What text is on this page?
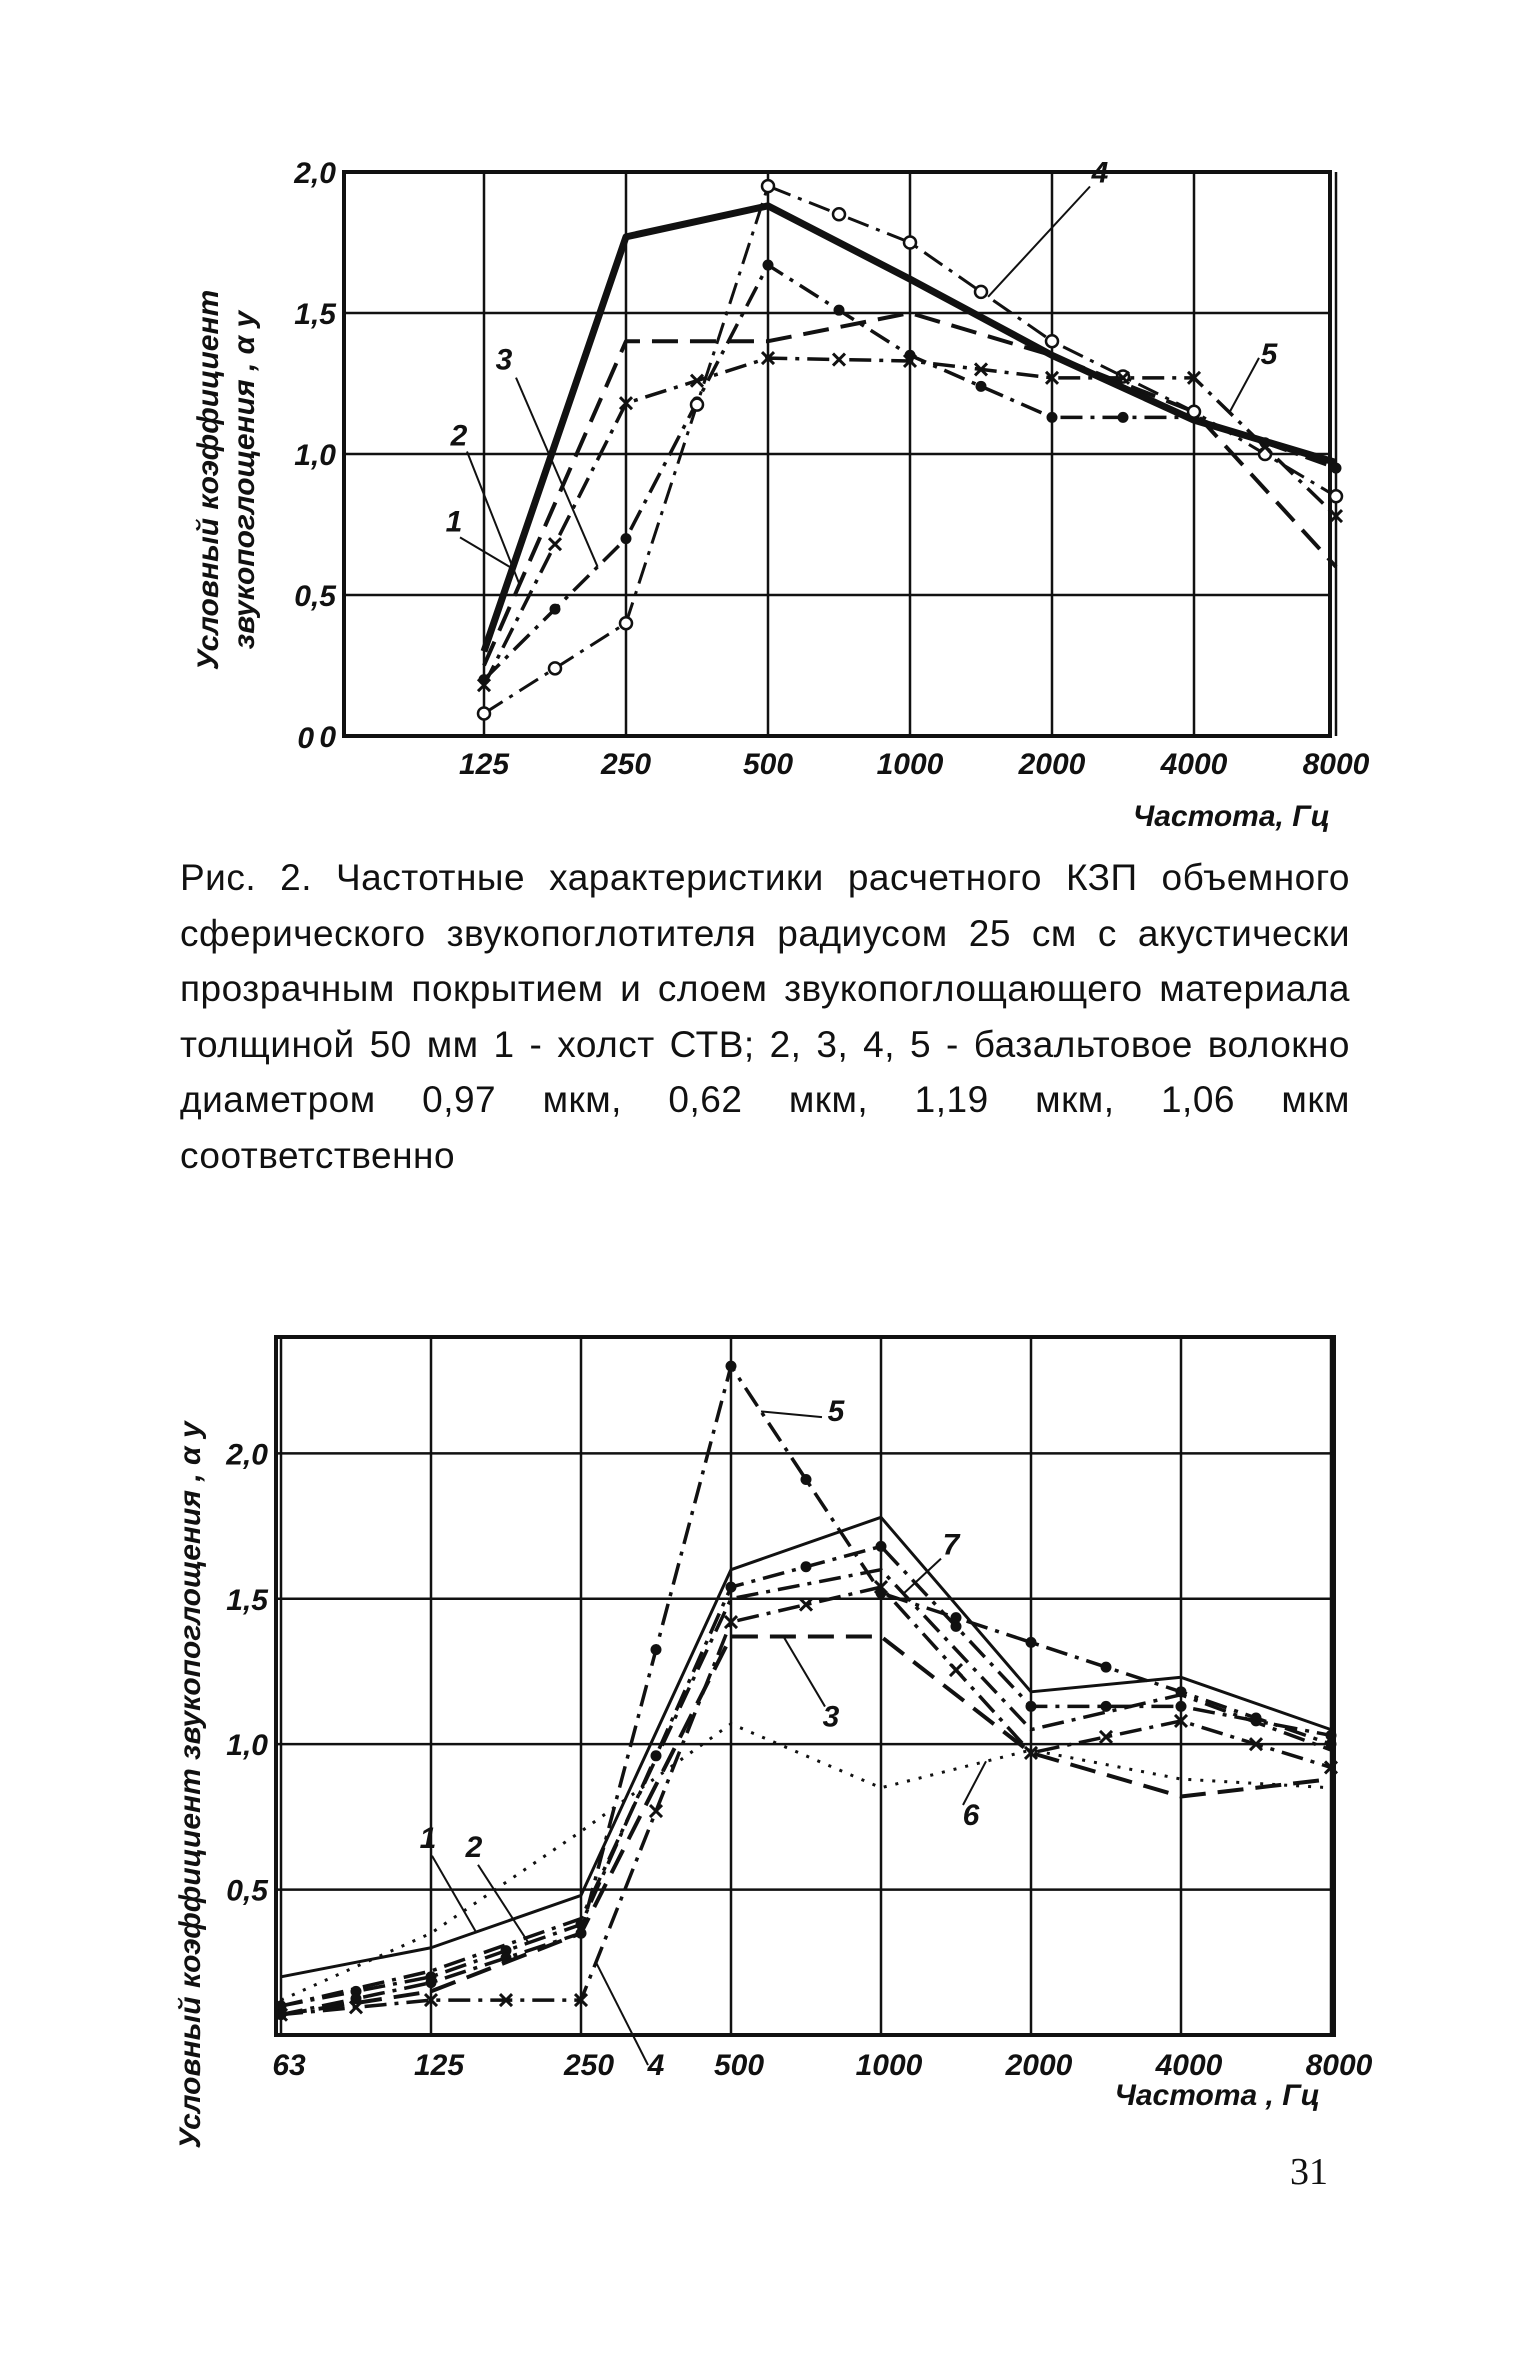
125	250	500	1000	2000	4000	8000
0 0
0,5
1,0
1,5
2,0
Условный коэффициент звукопоглощения , α у
Частота, Гц
1
2
3
4
5
Рис. 2. Частотные характеристики расчетного КЗП объемного сферического звукопоглотителя радиусом 25 см с акустически прозрачным покрытием и слоем звукопоглощающего материала толщиной 50 мм 1 - холст СТВ; 2, 3, 4, 5 - базальтовое волокно диаметром 0,97 мкм, 0,62 мкм, 1,19 мкм, 1,06 мкм соответственно
63	125	250	500	1000	2000	4000	8000
0,5
1,0
1,5
2,0
Условный коэффициент звукопоглощения , α у	Частота , Гц
1 2
3
4
5
6
7
31
